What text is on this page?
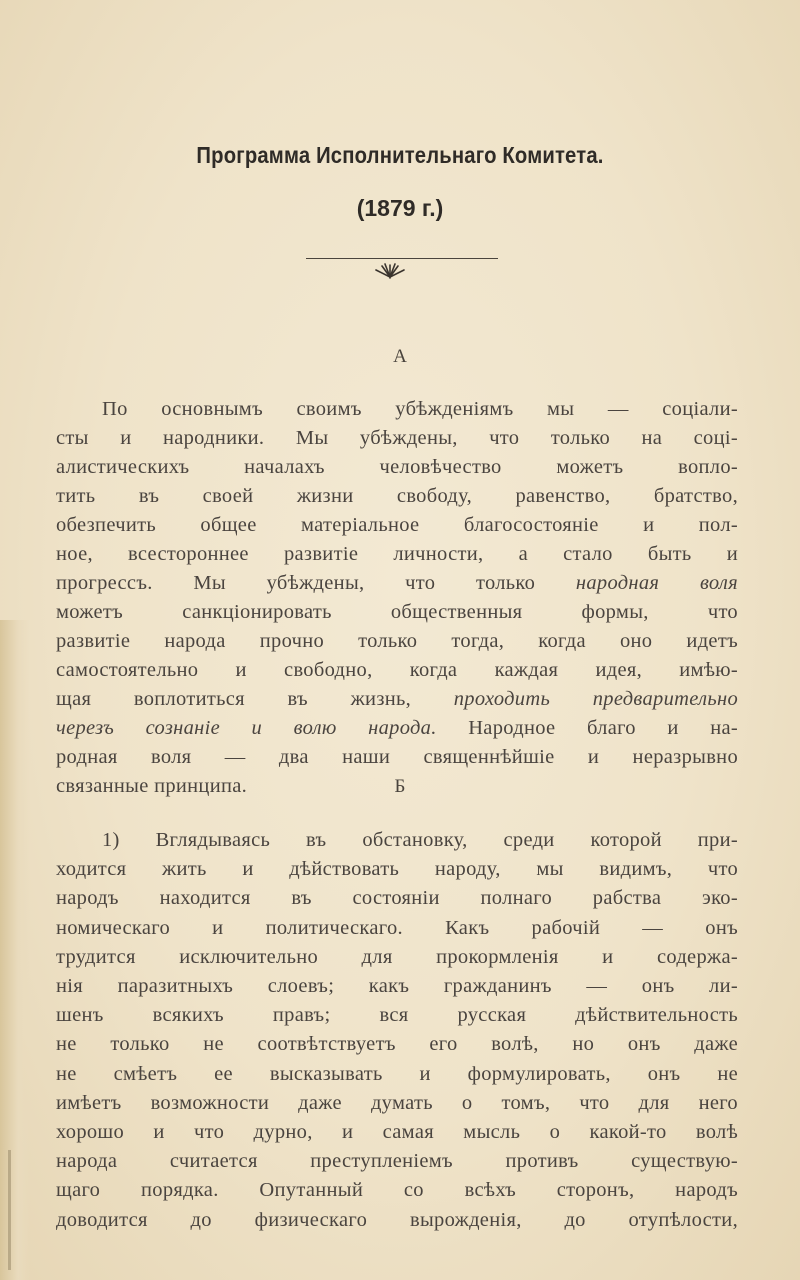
Программа Исполнительнаго Комитета.
(1879 г.)
А
По основнымъ своимъ убѣжденіямъ мы — соціали-
сты и народники. Мы убѣждены, что только на соці-
алистическихъ началахъ человѣчество можетъ вопло-
тить въ своей жизни свободу, равенство, братство,
обезпечить общее матеріальное благосостояніе и пол-
ное, всестороннее развитіе личности, а стало быть и
прогрессъ. Мы убѣждены, что только народная воля
можетъ санкціонировать общественныя формы, что
развитіе народа прочно только тогда, когда оно идетъ
самостоятельно и свободно, когда каждая идея, имѣю-
щая воплотиться въ жизнь, проходить предварительно
черезъ сознаніе и волю народа. Народное благо и на-
родная воля — два наши священнѣйшіе и неразрывно
связанные принципа.	Б
1) Вглядываясь въ обстановку, среди которой при-
ходится жить и дѣйствовать народу, мы видимъ, что
народъ находится въ состояніи полнаго рабства эко-
номическаго и политическаго. Какъ рабочій — онъ
трудится исключительно для прокормленія и содержа-
нія паразитныхъ слоевъ; какъ гражданинъ — онъ ли-
шенъ всякихъ правъ; вся русская дѣйствительность
не только не соотвѣтствуетъ его волѣ, но онъ даже
не смѣетъ ее высказывать и формулировать, онъ не
имѣетъ возможности даже думать о томъ, что для него
хорошо и что дурно, и самая мысль о какой-то волѣ
народа считается преступленіемъ противъ существую-
щаго порядка. Опутанный со всѣхъ сторонъ, народъ
доводится до физическаго вырожденія, до отупѣлости,
